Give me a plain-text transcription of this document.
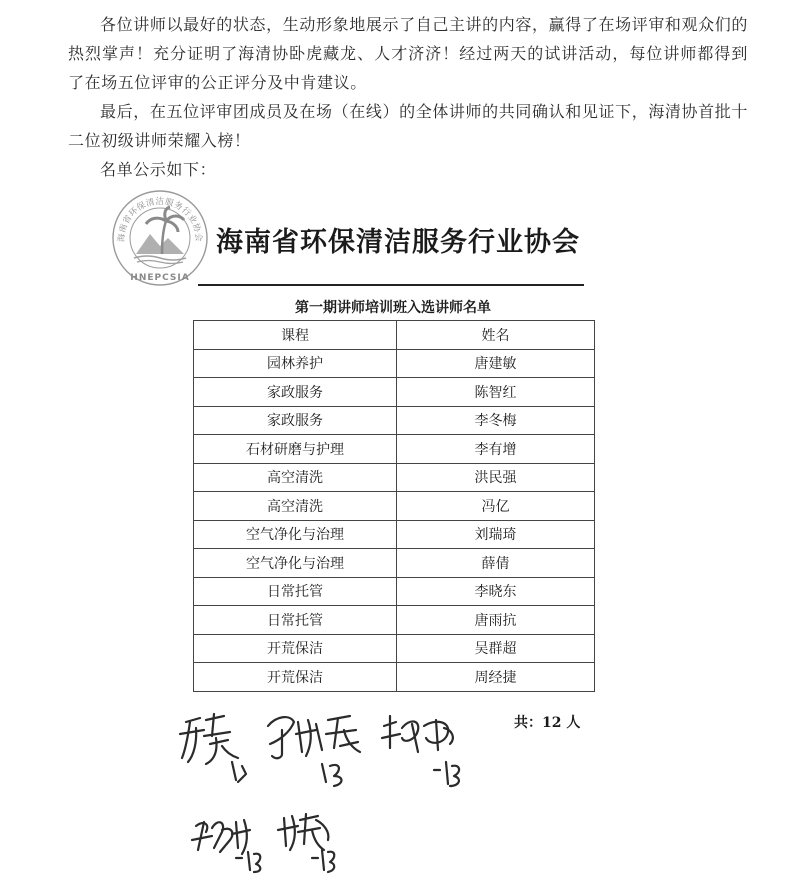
各位讲师以最好的状态，生动形象地展示了自己主讲的内容，赢得了在场评审和观众们的热烈掌声！充分证明了海清协卧虎藏龙、人才济济！经过两天的试讲活动，每位讲师都得到了在场五位评审的公正评分及中肯建议。

最后，在五位评审团成员及在场（在线）的全体讲师的共同确认和见证下，海清协首批十二位初级讲师荣耀入榜！

名单公示如下：

海南省环保清洁服务行业协会
HNEPCSIA
海南省环保清洁服务行业协会
第一期讲师培训班入选讲师名单
课程	姓名
园林养护	唐建敏
家政服务	陈智红
家政服务	李冬梅
石材研磨与护理	李有增
高空清洗	洪民强
高空清洗	冯亿
空气净化与治理	刘瑞琦
空气净化与治理	薛倩
日常托管	李晓东
日常托管	唐雨抗
开荒保洁	吴群超
开荒保洁	周经捷
共：12 人
